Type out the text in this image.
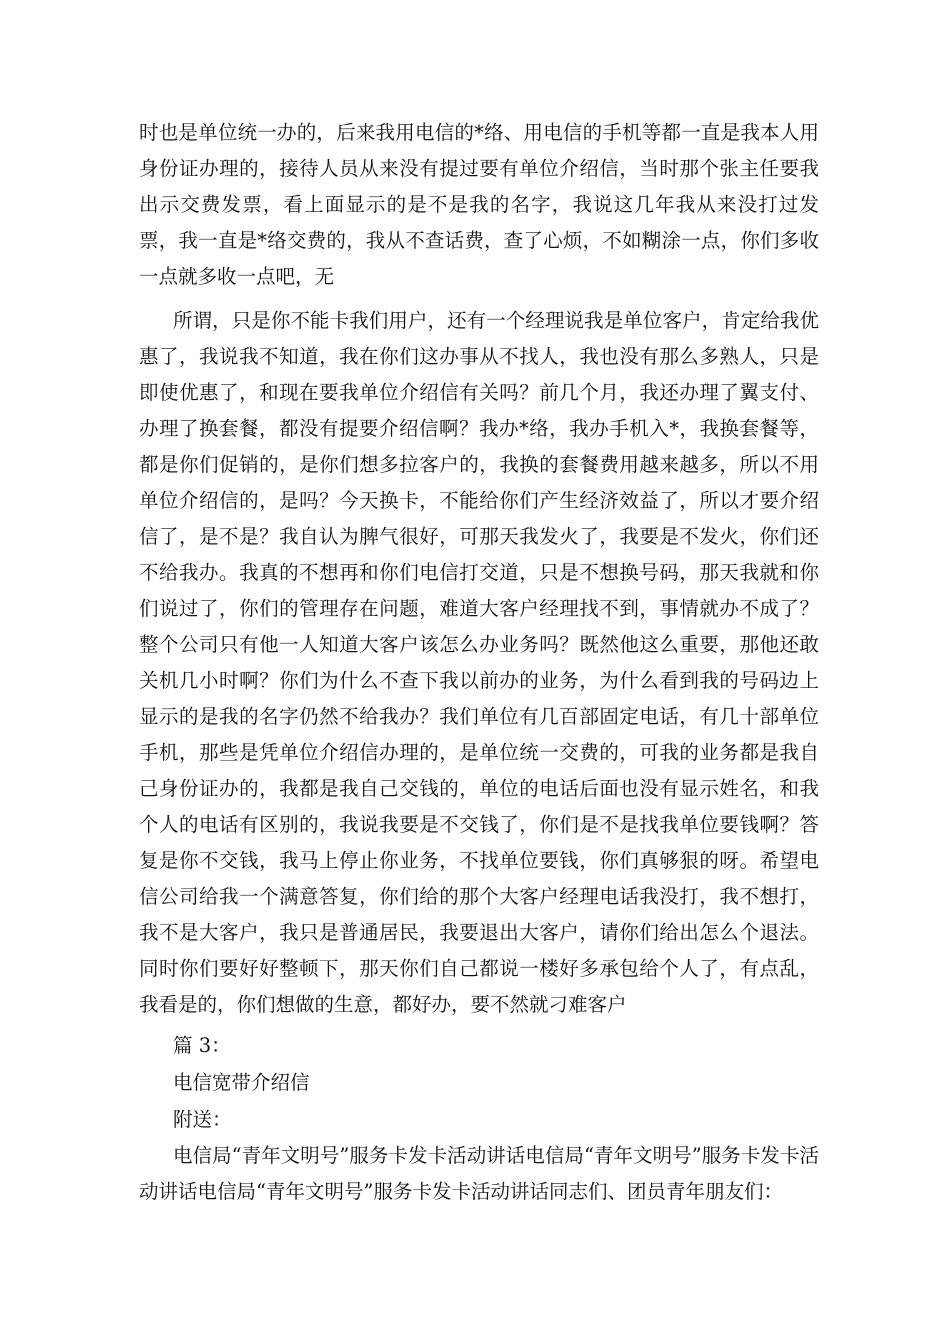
时也是单位统一办的，后来我用电信的*络、用电信的手机等都一直是我本人用身份证办理的，接待人员从来没有提过要有单位介绍信，当时那个张主任要我出示交费发票，看上面显示的是不是我的名字，我说这几年我从来没打过发票，我一直是*络交费的，我从不查话费，查了心烦，不如糊涂一点，你们多收一点就多收一点吧，无

所谓，只是你不能卡我们用户，还有一个经理说我是单位客户，肯定给我优惠了，我说我不知道，我在你们这办事从不找人，我也没有那么多熟人，只是即使优惠了，和现在要我单位介绍信有关吗？前几个月，我还办理了翼支付、办理了换套餐，都没有提要介绍信啊？我办*络，我办手机入*，我换套餐等，都是你们促销的，是你们想多拉客户的，我换的套餐费用越来越多，所以不用单位介绍信的，是吗？今天换卡，不能给你们产生经济效益了，所以才要介绍信了，是不是？我自认为脾气很好，可那天我发火了，我要是不发火，你们还不给我办。我真的不想再和你们电信打交道，只是不想换号码，那天我就和你们说过了，你们的管理存在问题，难道大客户经理找不到，事情就办不成了？整个公司只有他一人知道大客户该怎么办业务吗？既然他这么重要，那他还敢关机几小时啊？你们为什么不查下我以前办的业务，为什么看到我的号码边上显示的是我的名字仍然不给我办？我们单位有几百部固定电话，有几十部单位手机，那些是凭单位介绍信办理的，是单位统一交费的，可我的业务都是我自己身份证办的，我都是我自己交钱的，单位的电话后面也没有显示姓名，和我个人的电话有区别的，我说我要是不交钱了，你们是不是找我单位要钱啊？答复是你不交钱，我马上停止你业务，不找单位要钱，你们真够狠的呀。希望电信公司给我一个满意答复，你们给的那个大客户经理电话我没打，我不想打，我不是大客户，我只是普通居民，我要退出大客户，请你们给出怎么个退法。同时你们要好好整顿下，那天你们自己都说一楼好多承包给个人了，有点乱，我看是的，你们想做的生意，都好办，要不然就刁难客户

篇 3：

电信宽带介绍信

附送：

电信局“青年文明号”服务卡发卡活动讲话电信局“青年文明号”服务卡发卡活动讲话电信局“青年文明号”服务卡发卡活动讲话同志们、团员青年朋友们：
